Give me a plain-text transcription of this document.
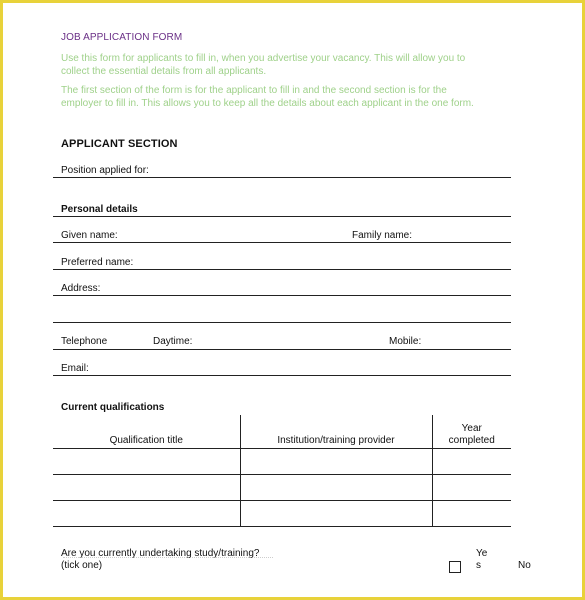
JOB APPLICATION FORM
Use this form for applicants to fill in, when you advertise your vacancy. This will allow you to
collect the essential details from all applicants.
The first section of the form is for the applicant to fill in and the second section is for the
employer to fill in. This allows you to keep all the details about each applicant in the one form.
APPLICANT SECTION
Position applied for:
Personal details
Given name:	Family name:
Preferred name:
Address:
Telephone	Daytime:	Mobile:
Email:
Current qualifications
Qualification title	Institution/training provider	Year
completed

Are you currently undertaking study/training?
(tick one)
Ye
s	No
